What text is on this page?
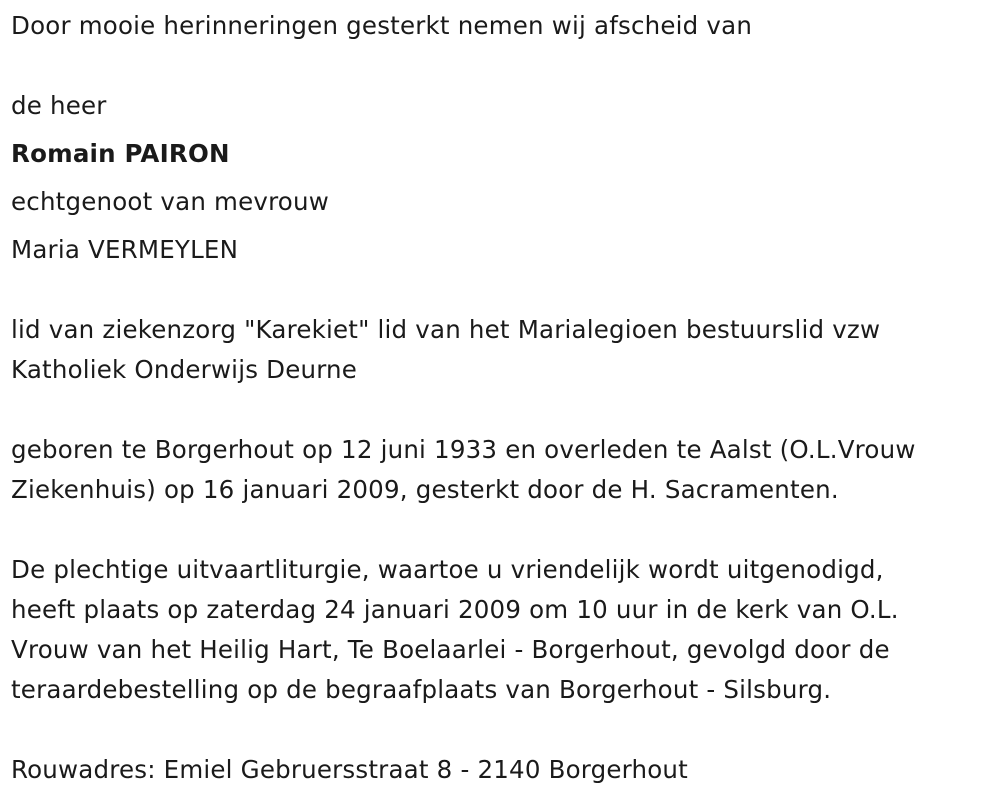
Door mooie herinneringen gesterkt nemen wij afscheid van
de heer
Romain PAIRON
echtgenoot van mevrouw
Maria VERMEYLEN
lid van ziekenzorg "Karekiet" lid van het Marialegioen bestuurslid vzw
Katholiek Onderwijs Deurne
geboren te Borgerhout op 12 juni 1933 en overleden te Aalst (O.L.Vrouw
Ziekenhuis) op 16 januari 2009, gesterkt door de H. Sacramenten.
De plechtige uitvaartliturgie, waartoe u vriendelijk wordt uitgenodigd,
heeft plaats op zaterdag 24 januari 2009 om 10 uur in de kerk van O.L.
Vrouw van het Heilig Hart, Te Boelaarlei - Borgerhout, gevolgd door de
teraardebestelling op de begraafplaats van Borgerhout - Silsburg.
Rouwadres: Emiel Gebruersstraat 8 - 2140 Borgerhout
